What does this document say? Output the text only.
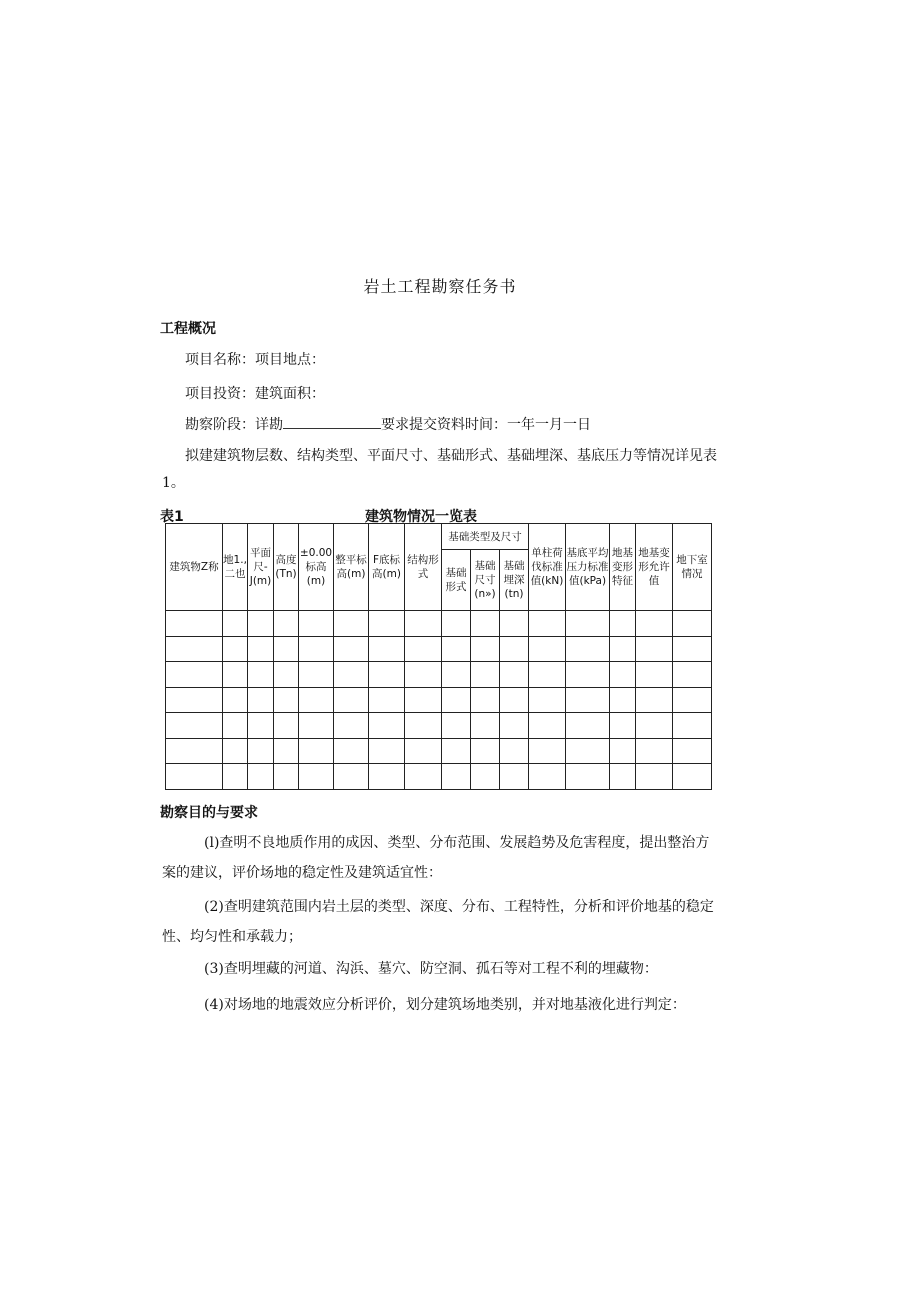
岩土工程勘察任务书
工程概况
项目名称：项目地点：
项目投资：建筑面积：
勘察阶段：详勘	要求提交资料时间：一年一月一日
拟建建筑物层数、结构类型、平面尺寸、基础形式、基础埋深、基底压力等情况详见表1。
表1	建筑物情况一览表
建筑物Z称	地1.,二也	平面尺-J(m)	高度(Tn)	±0.00标高(m)	整平标高(m)	F底标高(m)	结构形式	基础类型及尺寸			单柱荷伐标准值(kN)	基底平均压力标准值(kPa)	地基变形特征	地基变形允许值	地下室情况
								基础形式	基础尺寸(n»)	基础埋深(tn)					

勘察目的与要求
(l)查明不良地质作用的成因、类型、分布范围、发展趋势及危害程度，提出整治方案的建议，评价场地的稳定性及建筑适宜性：
(2)查明建筑范围内岩土层的类型、深度、分布、工程特性，分析和评价地基的稳定性、均匀性和承载力；
(3)查明埋藏的河道、沟浜、墓穴、防空洞、孤石等对工程不利的埋藏物：
(4)对场地的地震效应分析评价，划分建筑场地类别，并对地基液化进行判定：
